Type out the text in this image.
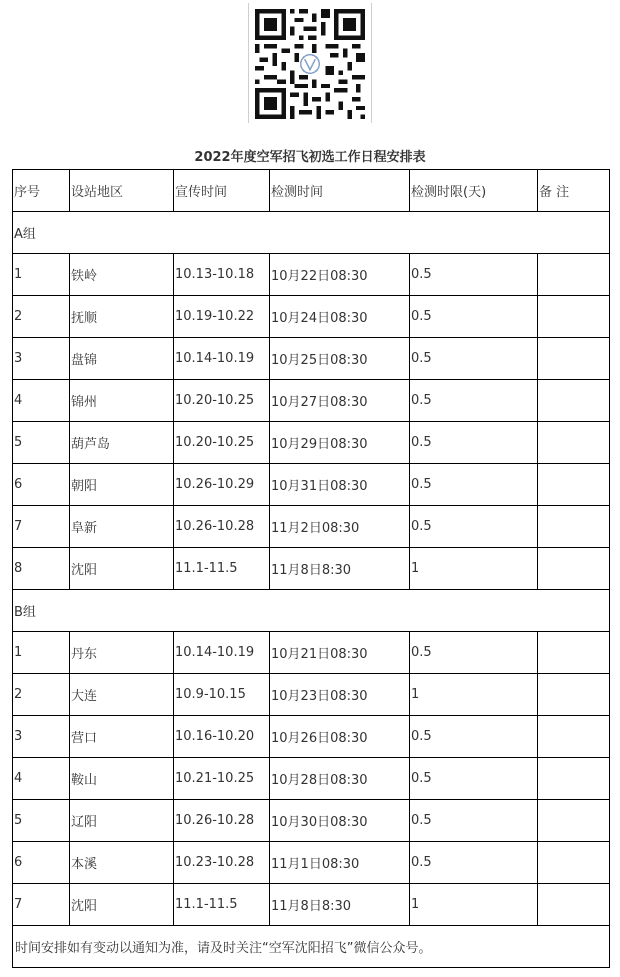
2022年度空军招飞初选工作日程安排表
序号	设站地区	宣传时间	检测时间	检测时限(天)	备 注
A组					
1	铁岭	10.13-10.18	10月22日08:30	0.5	
2	抚顺	10.19-10.22	10月24日08:30	0.5	
3	盘锦	10.14-10.19	10月25日08:30	0.5	
4	锦州	10.20-10.25	10月27日08:30	0.5	
5	葫芦岛	10.20-10.25	10月29日08:30	0.5	
6	朝阳	10.26-10.29	10月31日08:30	0.5	
7	阜新	10.26-10.28	11月2日08:30	0.5	
8	沈阳	11.1-11.5	11月8日8:30	1	
B组					
1	丹东	10.14-10.19	10月21日08:30	0.5	
2	大连	10.9-10.15	10月23日08:30	1	
3	营口	10.16-10.20	10月26日08:30	0.5	
4	鞍山	10.21-10.25	10月28日08:30	0.5	
5	辽阳	10.26-10.28	10月30日08:30	0.5	
6	本溪	10.23-10.28	11月1日08:30	0.5	
7	沈阳	11.1-11.5	11月8日8:30	1	
时间安排如有变动以通知为准，请及时关注“空军沈阳招飞”微信公众号。					
